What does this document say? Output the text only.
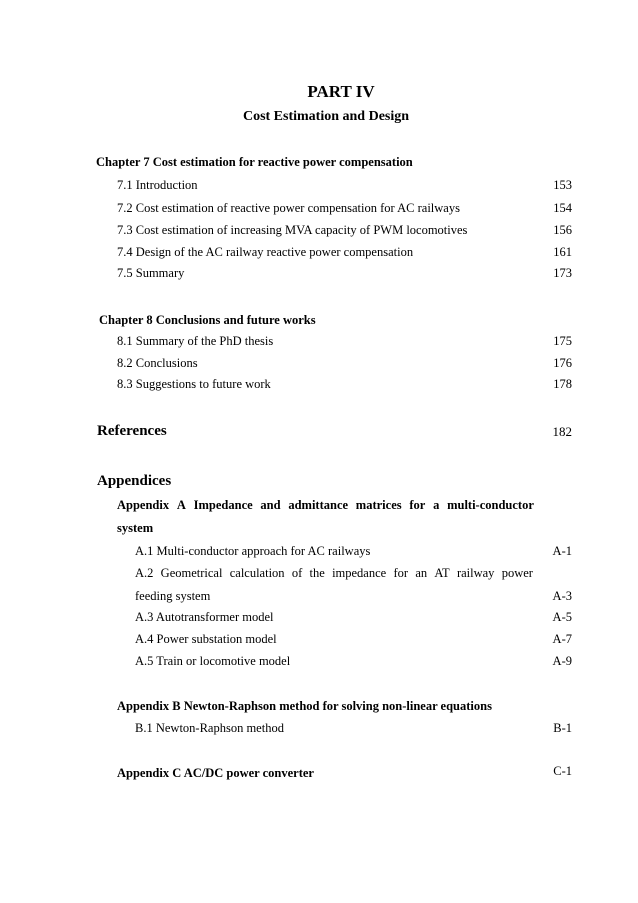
PART IV
Cost Estimation and Design
Chapter 7 Cost estimation for reactive power compensation
7.1 Introduction	153
7.2 Cost estimation of reactive power compensation for AC railways	154
7.3 Cost estimation of increasing MVA capacity of PWM locomotives	156
7.4 Design of the AC railway reactive power compensation	161
7.5 Summary	173
Chapter 8 Conclusions and future works
8.1 Summary of the PhD thesis	175
8.2 Conclusions	176
8.3 Suggestions to future work	178
References	182
Appendices
Appendix A Impedance and admittance matrices for a multi-conductor
system
A.1 Multi-conductor approach for AC railways	A-1
A.2 Geometrical calculation of the impedance for an AT railway power
feeding system	A-3
A.3 Autotransformer model	A-5
A.4 Power substation model	A-7
A.5 Train or locomotive model	A-9
Appendix B Newton-Raphson method for solving non-linear equations
B.1 Newton-Raphson method	B-1
Appendix C AC/DC power converter	C-1
